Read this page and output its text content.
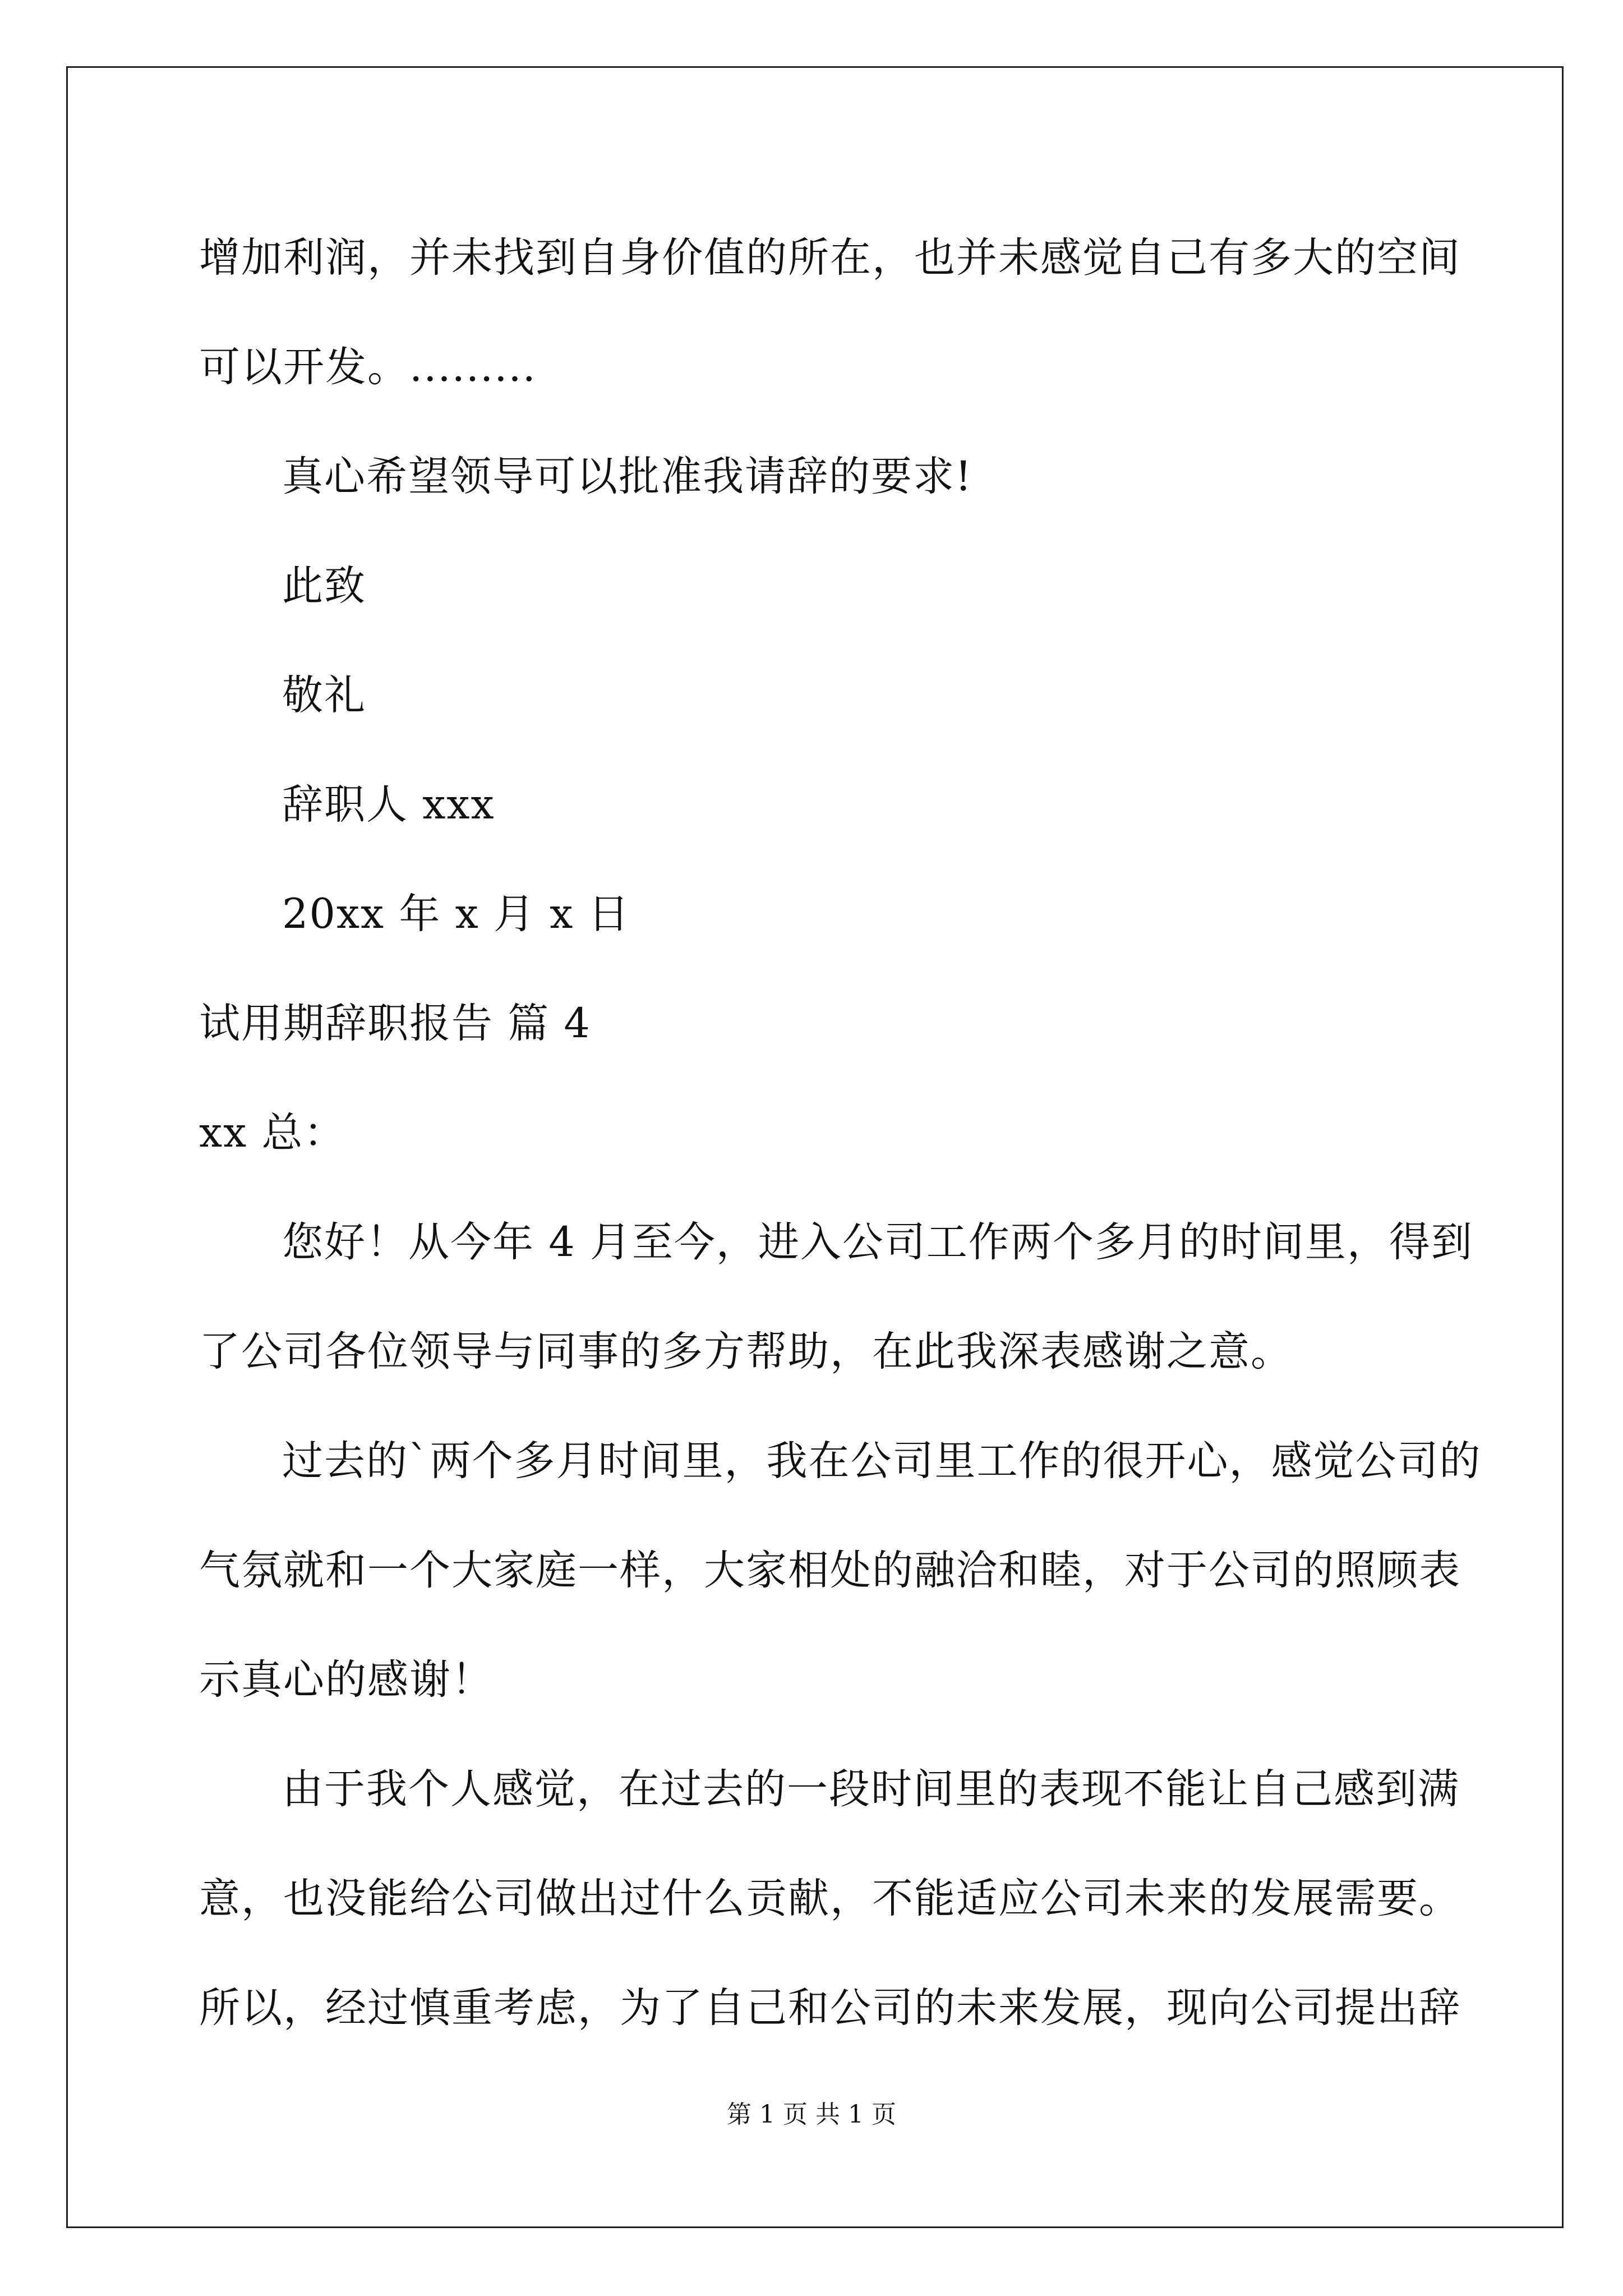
增加利润，并未找到自身价值的所在，也并未感觉自己有多大的空间
可以开发。.........
真心希望领导可以批准我请辞的要求!
此致
敬礼
辞职人 xxx
20xx 年 x 月 x 日
试用期辞职报告 篇 4
xx 总：
您好！从今年 4 月至今，进入公司工作两个多月的时间里，得到
了公司各位领导与同事的多方帮助，在此我深表感谢之意。
过去的`两个多月时间里，我在公司里工作的很开心，感觉公司的
气氛就和一个大家庭一样，大家相处的融洽和睦，对于公司的照顾表
示真心的感谢！
由于我个人感觉，在过去的一段时间里的表现不能让自己感到满
意，也没能给公司做出过什么贡献，不能适应公司未来的发展需要。
所以，经过慎重考虑，为了自己和公司的未来发展，现向公司提出辞
第 1 页 共 1 页
